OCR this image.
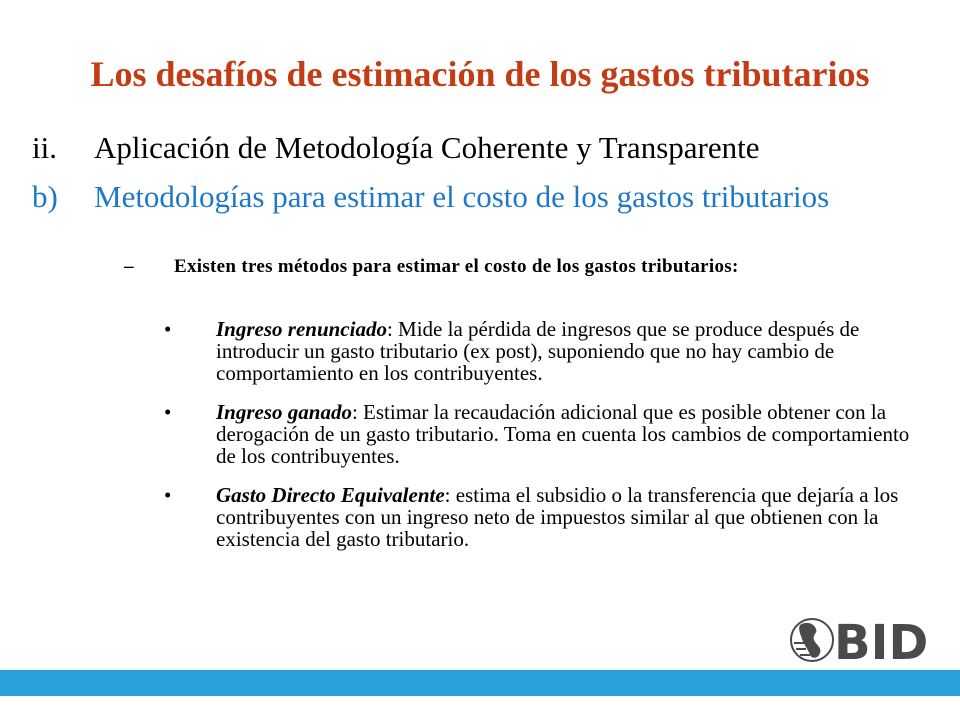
Los desafíos de estimación de los gastos tributarios
ii.	Aplicación de Metodología Coherente y Transparente
b)	Metodologías para estimar el costo de los gastos tributarios
–	Existen tres métodos para estimar el costo de los gastos tributarios:
•	Ingreso renunciado: Mide la pérdida de ingresos que se produce después de introducir un gasto tributario (ex post), suponiendo que no hay cambio de comportamiento en los contribuyentes.
•	Ingreso ganado: Estimar la recaudación adicional que es posible obtener con la derogación de un gasto tributario. Toma en cuenta los cambios de comportamiento de los contribuyentes.
•	Gasto Directo Equivalente: estima el subsidio o la transferencia que dejaría a los contribuyentes con un ingreso neto de impuestos similar al que obtienen con la existencia del gasto tributario.
BID
